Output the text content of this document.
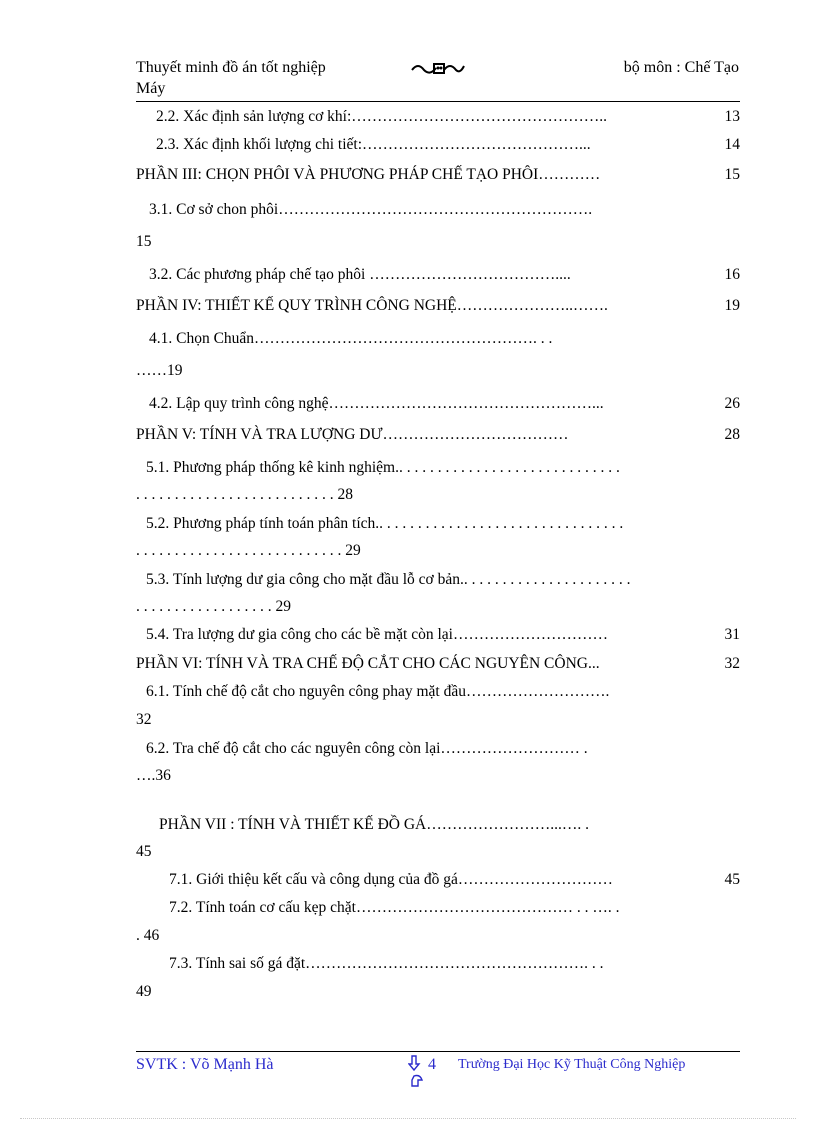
Thuyết minh đồ án tốt nghiệp	bộ môn : Chế Tạo
Máy
2.2. Xác định sản lượng cơ khí:…………………………………………..	13
2.3. Xác định khối lượng chi tiết:……………………………………...	14
PHẦN III: CHỌN PHÔI VÀ PHƯƠNG PHÁP CHẾ TẠO PHÔI…………	15
3.1. Cơ sở chon phôi…………………………………………………….
15
3.2. Các phương pháp chế tạo phôi ………………………………....	16
PHẦN IV: THIẾT KẾ QUY TRÌNH CÔNG NGHỆ…………………..…….	19
4.1. Chọn Chuẩn………………………………………………. . .
……19
4.2. Lập quy trình công nghệ……………………………………………...	26
PHẦN V: TÍNH VÀ TRA LƯỢNG DƯ………………………………	28
5.1. Phương pháp thống kê kinh nghiệm.. . . . . . . . . . . . . . . . . . . . . . . . . . . . .
. . . . . . . . . . . . . . . . . . . . . . . . . . 28
5.2. Phương pháp tính toán phân tích.. . . . . . . . . . . . . . . . . . . . . . . . . . . . . . . .
. . . . . . . . . . . . . . . . . . . . . . . . . . . 29
5.3. Tính lượng dư gia công cho mặt đầu lỗ cơ bản.. . . . . . . . . . . . . . . . . . . . . .
. . . . . . . . . . . . . . . . . . 29
5.4. Tra lượng dư gia công cho các bề mặt còn lại…………………………	31
PHẦN VI: TÍNH VÀ TRA CHẾ ĐỘ CẮT CHO CÁC NGUYÊN CÔNG...	32
6.1. Tính chế độ cắt cho nguyên công phay mặt đầu……………………….
32
6.2. Tra chế độ cắt cho các nguyên công còn lại……………………… .
….36
PHẦN VII : TÍNH VÀ THIẾT KẾ ĐỒ GÁ……………………...…. .
45
7.1. Giới thiệu kết cấu và công dụng của đồ gá…………………………	45
7.2. Tính toán cơ cấu kẹp chặt…………………………………… . . …. .
. 46
7.3. Tính sai số gá đặt………………………………………………. . .
49
SVTK : Võ Mạnh Hà	4 Trường Đại Học Kỹ Thuật Công Nghiệp
